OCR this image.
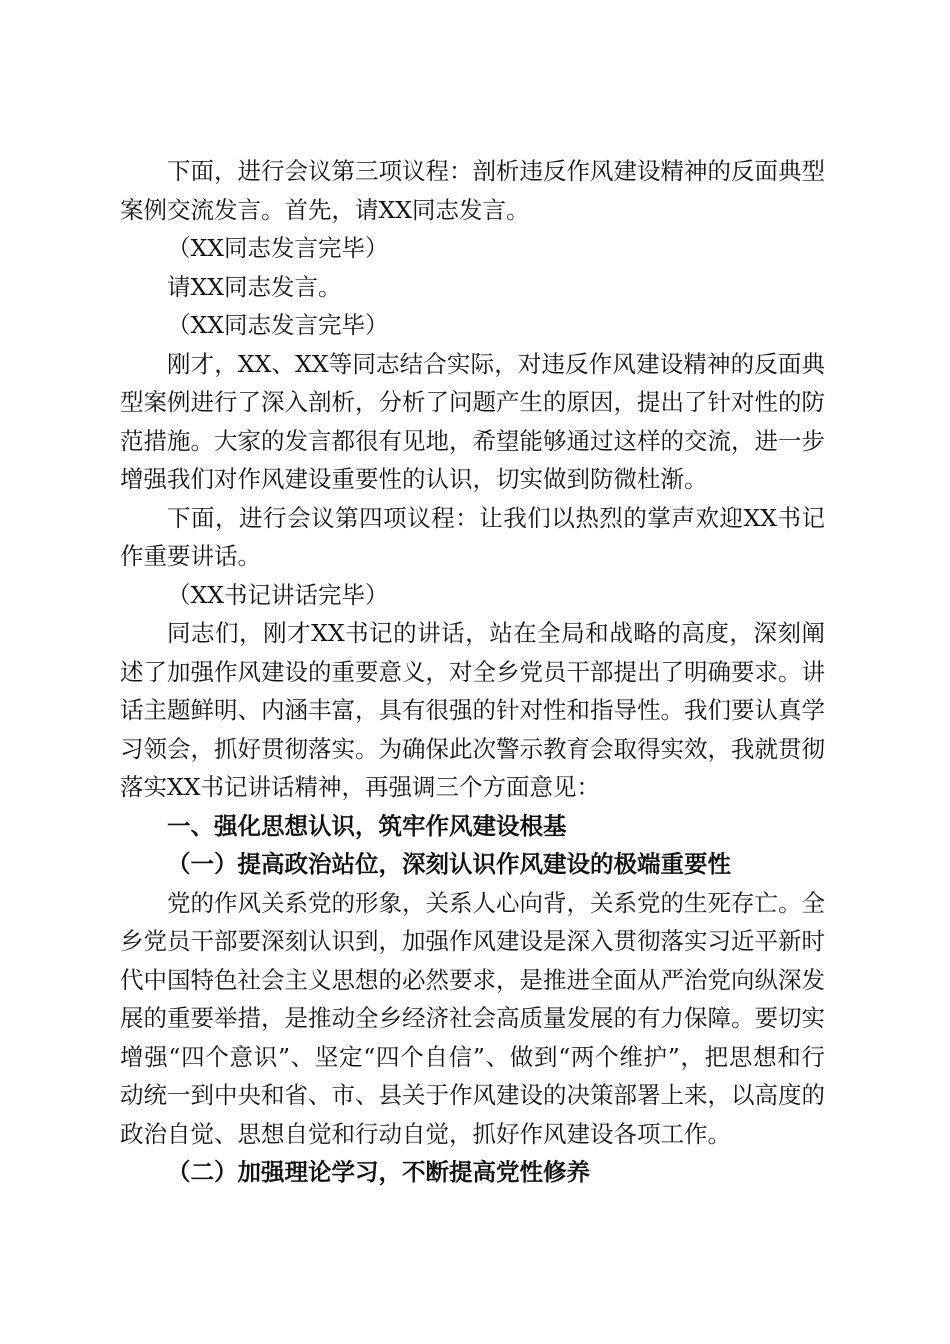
下面，进行会议第三项议程：剖析违反作风建设精神的反面典型案例交流发言。首先，请XX同志发言。

（XX同志发言完毕）

请XX同志发言。

（XX同志发言完毕）

刚才，XX、XX等同志结合实际，对违反作风建设精神的反面典型案例进行了深入剖析，分析了问题产生的原因，提出了针对性的防范措施。大家的发言都很有见地，希望能够通过这样的交流，进一步增强我们对作风建设重要性的认识，切实做到防微杜渐。

下面，进行会议第四项议程：让我们以热烈的掌声欢迎XX书记作重要讲话。

（XX书记讲话完毕）

同志们，刚才XX书记的讲话，站在全局和战略的高度，深刻阐述了加强作风建设的重要意义，对全乡党员干部提出了明确要求。讲话主题鲜明、内涵丰富，具有很强的针对性和指导性。我们要认真学习领会，抓好贯彻落实。为确保此次警示教育会取得实效，我就贯彻落实XX书记讲话精神，再强调三个方面意见：

一、强化思想认识，筑牢作风建设根基

（一）提高政治站位，深刻认识作风建设的极端重要性

党的作风关系党的形象，关系人心向背，关系党的生死存亡。全乡党员干部要深刻认识到，加强作风建设是深入贯彻落实习近平新时代中国特色社会主义思想的必然要求，是推进全面从严治党向纵深发展的重要举措，是推动全乡经济社会高质量发展的有力保障。要切实增强“四个意识”、坚定“四个自信”、做到“两个维护”，把思想和行动统一到中央和省、市、县关于作风建设的决策部署上来，以高度的政治自觉、思想自觉和行动自觉，抓好作风建设各项工作。

（二）加强理论学习，不断提高党性修养
